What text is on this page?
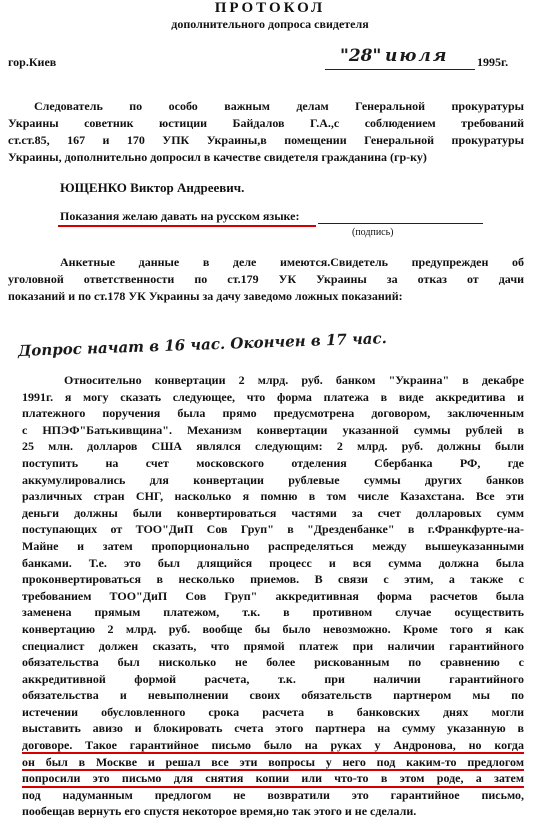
ПРОТОКОЛ
дополнительного допроса свидетеля
гор.Киев	"28" июля 1995г.
Следователь по особо важным делам Генеральной прокуратуры
Украины советник юстиции Байдалов Г.А.,с соблюдением требований
ст.ст.85, 167 и 170 УПК Украины,в помещении Генеральной прокуратуры
Украины, дополнительно допросил в качестве свидетеля гражданина (гр-ку)
ЮЩЕНКО Виктор Андреевич.
Показания желаю давать на русском языке:
(подпись)
Анкетные данные в деле имеются.Свидетель предупрежден об
уголовной ответственности по ст.179 УК Украины за отказ от дачи
показаний и по ст.178 УК Украины за дачу заведомо ложных показаний:
Допрос начат в 16 час. Окончен в 17 час.
Относительно конвертации 2 млрд. руб. банком "Украина" в декабре
1991г. я могу сказать следующее, что форма платежа в виде аккредитива и
платежного поручения была прямо предусмотрена договором, заключенным
с НПЭФ"Батькивщина". Механизм конвертации указанной суммы рублей в
25 млн. долларов США являлся следующим: 2 млрд. руб. должны были
поступить на счет московского отделения Сбербанка РФ, где
аккумулировались для конвертации рублевые суммы других банков
различных стран СНГ, насколько я помню в том числе Казахстана. Все эти
деньги должны были конвертироваться частями за счет долларовых сумм
поступающих от ТОО"ДиП Сов Груп" в "Дрезденбанке" в г.Франкфурте-на-
Майне и затем пропорционально распределяться между вышеуказанными
банками. Т.е. это был длящийся процесс и вся сумма должна была
проконвертироваться в несколько приемов. В связи с этим, а также с
требованием ТОО"ДиП Сов Груп" аккредитивная форма расчетов была
заменена прямым платежом, т.к. в противном случае осуществить
конвертацию 2 млрд. руб. вообще бы было невозможно. Кроме того я как
специалист должен сказать, что прямой платеж при наличии гарантийного
обязательства был нисколько не более рискованным по сравнению с
аккредитивной формой расчета, т.к. при наличии гарантийного
обязательства и невыполнении своих обязательств партнером мы по
истечении обусловленного срока расчета в банковских днях могли
выставить авизо и блокировать счета этого партнера на сумму указанную в
договоре. Такое гарантийное письмо было на руках у Андронова, но когда
он был в Москве и решал все эти вопросы у него под каким-то предлогом
попросили это письмо для снятия копии или что-то в этом роде, а затем
под надуманным предлогом не возвратили это гарантийное письмо,
пообещав вернуть его спустя некоторое время,но так этого и не сделали.
